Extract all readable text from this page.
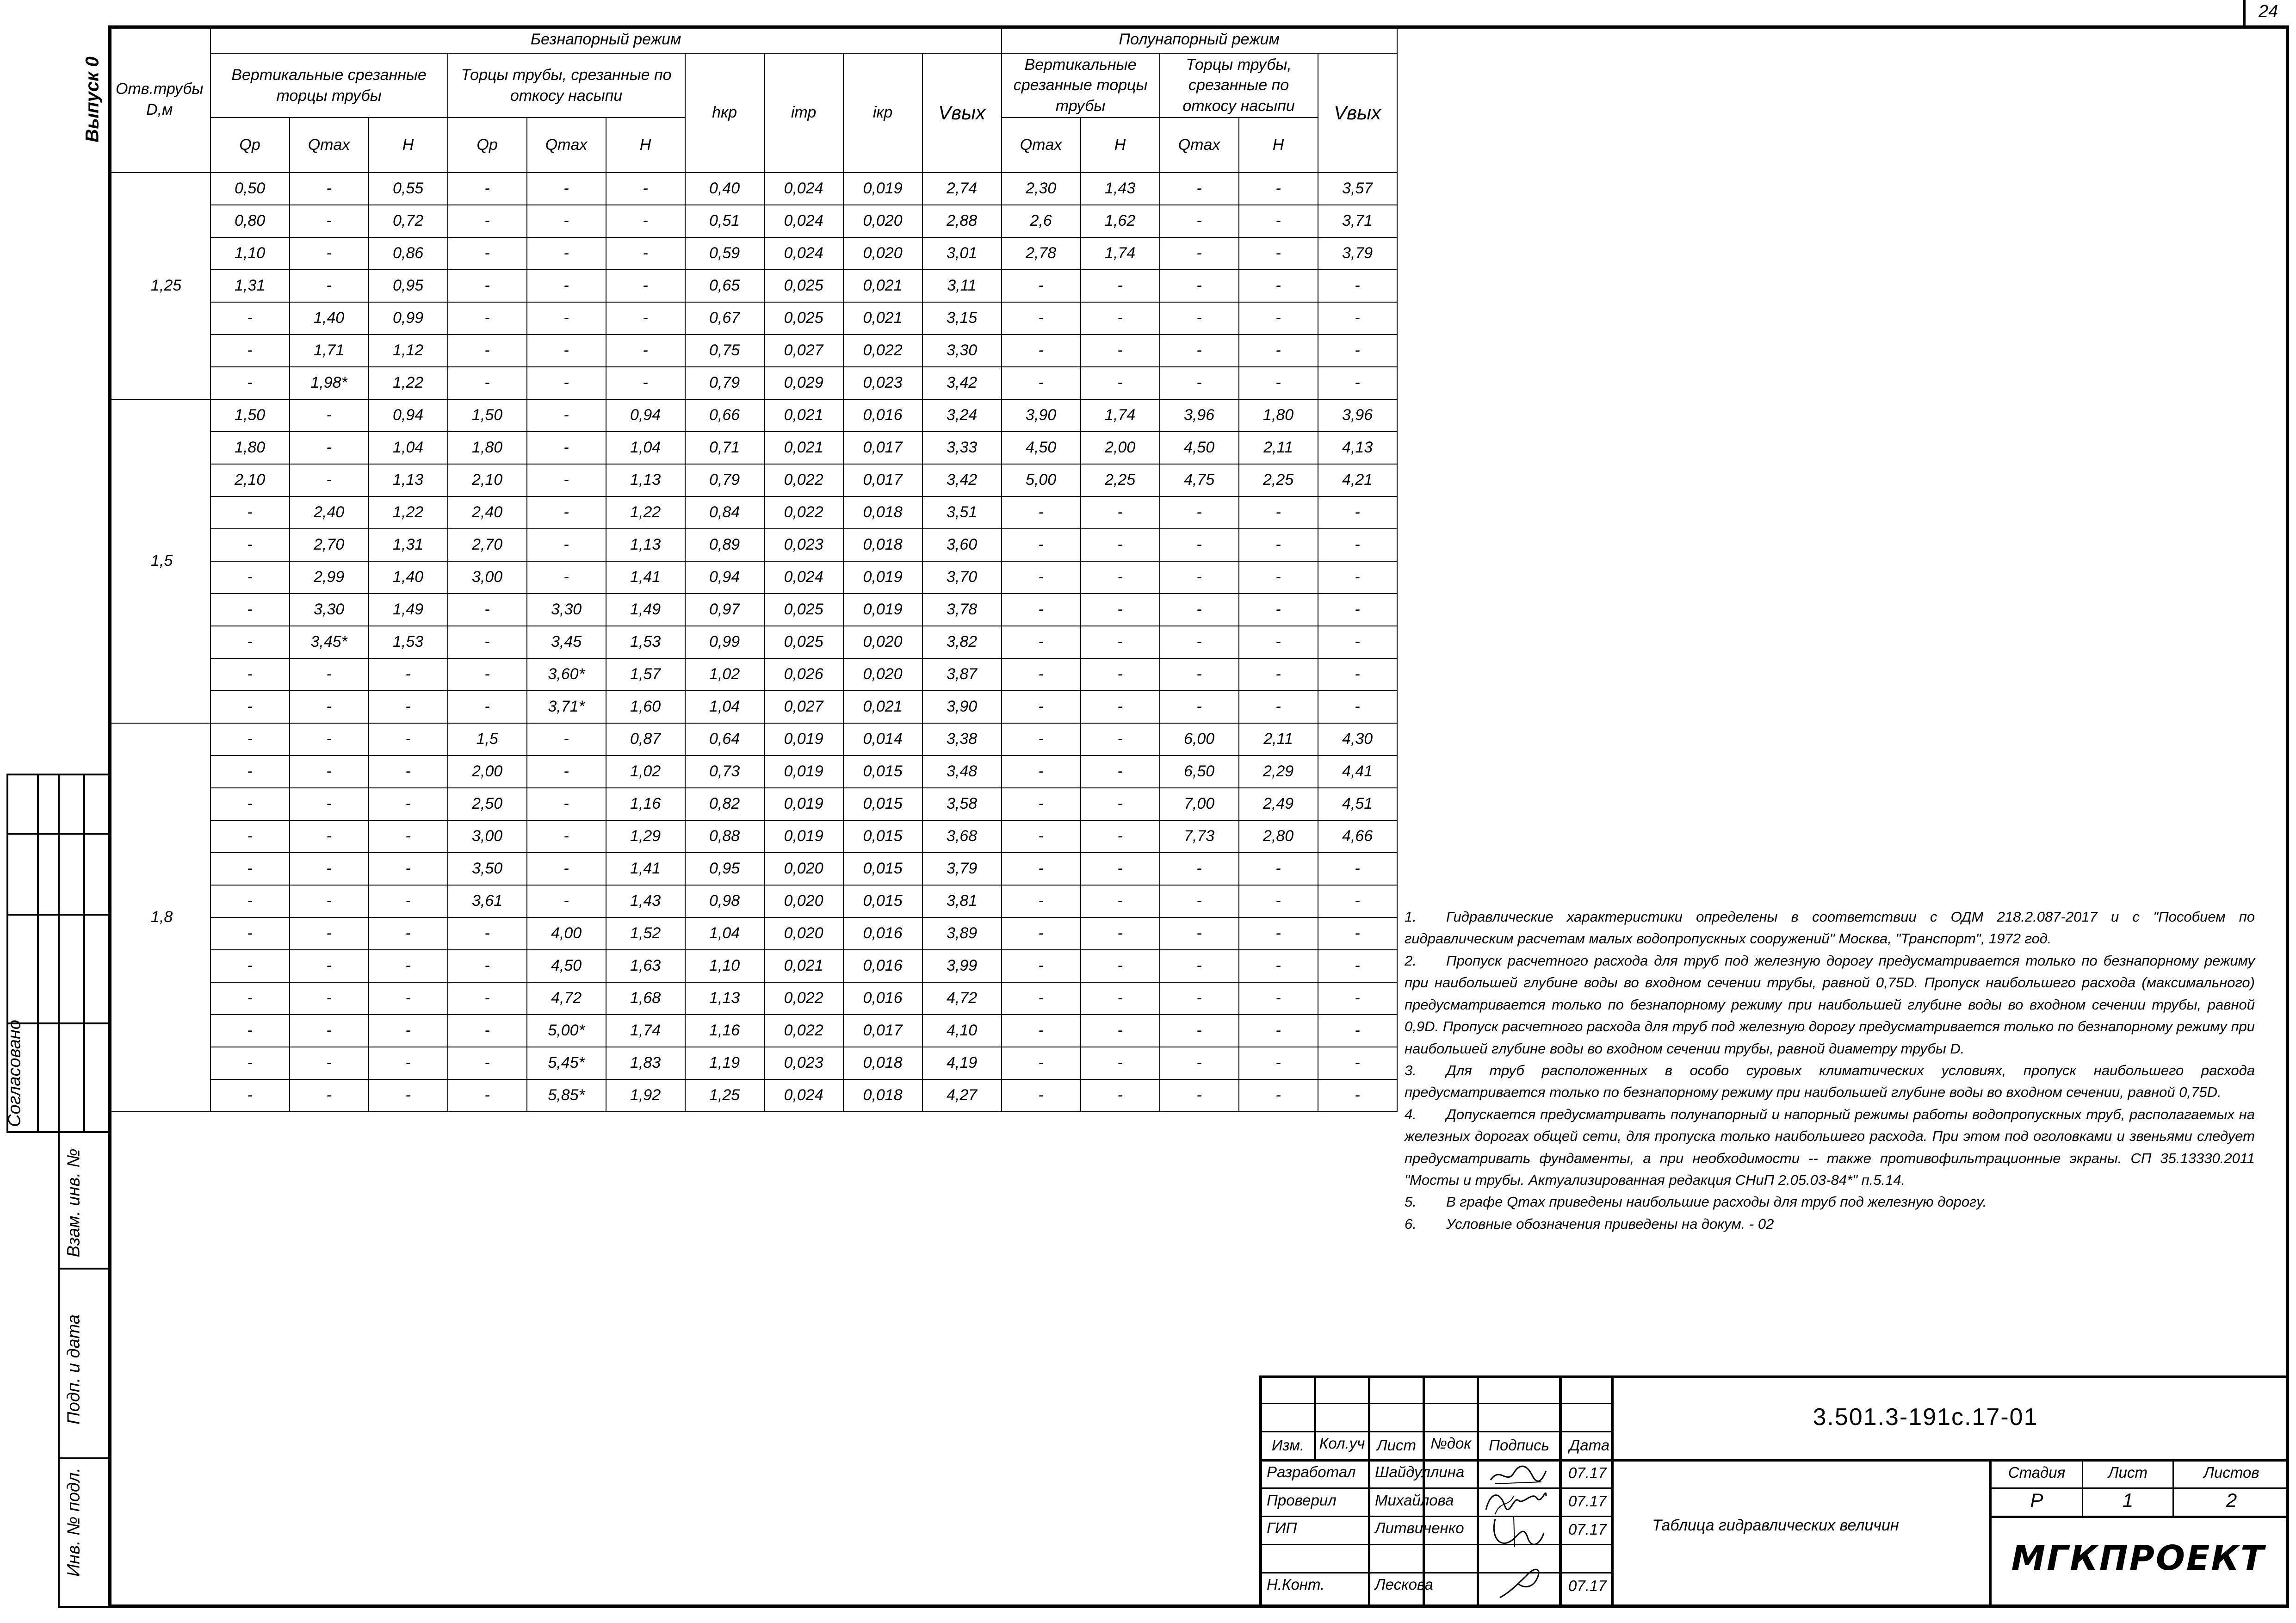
24
Выпуск 0 Отв.трубы D,м	Безнапорный режим										Полунапорный режим				
	Вертикальные срезанные торцы трубы			Торцы трубы, срезанные по откосу насыпи			hкр	iтр	iкр	Vвых	Вертикальные срезанные торцы трубы		Торцы трубы, срезанные по откосу насыпи		Vвых
	Qр	Qmax	H	Qр	Qmax	H					Qmax	H	Qmax	H	
1,25	0,50	-	0,55	-	-	-	0,40	0,024	0,019	2,74	2,30	1,43	-	-	3,57
	0,80	-	0,72	-	-	-	0,51	0,024	0,020	2,88	2,6	1,62	-	-	3,71
	1,10	-	0,86	-	-	-	0,59	0,024	0,020	3,01	2,78	1,74	-	-	3,79
	1,31	-	0,95	-	-	-	0,65	0,025	0,021	3,11	-	-	-	-	-
	-	1,40	0,99	-	-	-	0,67	0,025	0,021	3,15	-	-	-	-	-
	-	1,71	1,12	-	-	-	0,75	0,027	0,022	3,30	-	-	-	-	-
	-	1,98*	1,22	-	-	-	0,79	0,029	0,023	3,42	-	-	-	-	-
1,5	1,50	-	0,94	1,50	-	0,94	0,66	0,021	0,016	3,24	3,90	1,74	3,96	1,80	3,96
	1,80	-	1,04	1,80	-	1,04	0,71	0,021	0,017	3,33	4,50	2,00	4,50	2,11	4,13
	2,10	-	1,13	2,10	-	1,13	0,79	0,022	0,017	3,42	5,00	2,25	4,75	2,25	4,21
	-	2,40	1,22	2,40	-	1,22	0,84	0,022	0,018	3,51	-	-	-	-	-
	-	2,70	1,31	2,70	-	1,13	0,89	0,023	0,018	3,60	-	-	-	-	-
	-	2,99	1,40	3,00	-	1,41	0,94	0,024	0,019	3,70	-	-	-	-	-
	-	3,30	1,49	-	3,30	1,49	0,97	0,025	0,019	3,78	-	-	-	-	-
	-	3,45*	1,53	-	3,45	1,53	0,99	0,025	0,020	3,82	-	-	-	-	-
	-	-	-	-	3,60*	1,57	1,02	0,026	0,020	3,87	-	-	-	-	-
	-	-	-	-	3,71*	1,60	1,04	0,027	0,021	3,90	-	-	-	-	-
1,8	-	-	-	1,5	-	0,87	0,64	0,019	0,014	3,38	-	-	6,00	2,11	4,30
	-	-	-	2,00	-	1,02	0,73	0,019	0,015	3,48	-	-	6,50	2,29	4,41
	-	-	-	2,50	-	1,16	0,82	0,019	0,015	3,58	-	-	7,00	2,49	4,51
	-	-	-	3,00	-	1,29	0,88	0,019	0,015	3,68	-	-	7,73	2,80	4,66
	-	-	-	3,50	-	1,41	0,95	0,020	0,015	3,79	-	-	-	-	-
	-	-	-	3,61	-	1,43	0,98	0,020	0,015	3,81	-	-	-	-	-
	-	-	-	-	4,00	1,52	1,04	0,020	0,016	3,89	-	-	-	-	-
	-	-	-	-	4,50	1,63	1,10	0,021	0,016	3,99	-	-	-	-	-
	-	-	-	-	4,72	1,68	1,13	0,022	0,016	4,72	-	-	-	-	-
	-	-	-	-	5,00*	1,74	1,16	0,022	0,017	4,10	-	-	-	-	-
	-	-	-	-	5,45*	1,83	1,19	0,023	0,018	4,19	-	-	-	-	-
	-	-	-	-	5,85*	1,92	1,25	0,024	0,018	4,27	-	-	-	-	-
Согласовано
Взам. инв. №
Подп. и дата
Инв. № подл.

1. Гидравлические характеристики определены в соответствии с ОДМ 218.2.087-2017 и с "Пособием по гидравлическим расчетам малых водопропускных сооружений" Москва, "Транспорт", 1972 год.

2. Пропуск расчетного расхода для труб под железную дорогу предусматривается только по безнапорному режиму при наибольшей глубине воды во входном сечении трубы, равной 0,75D. Пропуск наибольшего расхода (максимального) предусматривается только по безнапорному режиму при наибольшей глубине воды во входном сечении трубы, равной 0,9D. Пропуск расчетного расхода для труб под железную дорогу предусматривается только по безнапорному режиму при наибольшей глубине воды во входном сечении трубы, равной диаметру трубы D.

3. Для труб расположенных в особо суровых климатических условиях, пропуск наибольшего расхода предусматривается только по безнапорному режиму при наибольшей глубине воды во входном сечении, равной 0,75D.

4. Допускается предусматривать полунапорный и напорный режимы работы водопропускных труб, располагаемых на железных дорогах общей сети, для пропуска только наибольшего расхода. При этом под оголовками и звеньями следует предусматривать фундаменты, а при необходимости -- также противофильтрационные экраны. СП 35.13330.2011 "Мосты и трубы. Актуализированная редакция СНиП 2.05.03-84*" п.5.14.

5. В графе Qmax приведены наибольшие расходы для труб под железную дорогу.

6. Условные обозначения приведены на докум. - 02

Изм. Кол.уч Лист №док	Подпись
Разработал Шайдуллина
Проверил	Михайлова
ГИП	Литвиненко
Н.Конт.	Лескова
3.501.3-191с.17-01
Таблица гидравлических величин
Стадия	Лист	Листов
Р	1	2
МГКПРОЕКТ
Дата
07.17
07.17
07.17
07.17
